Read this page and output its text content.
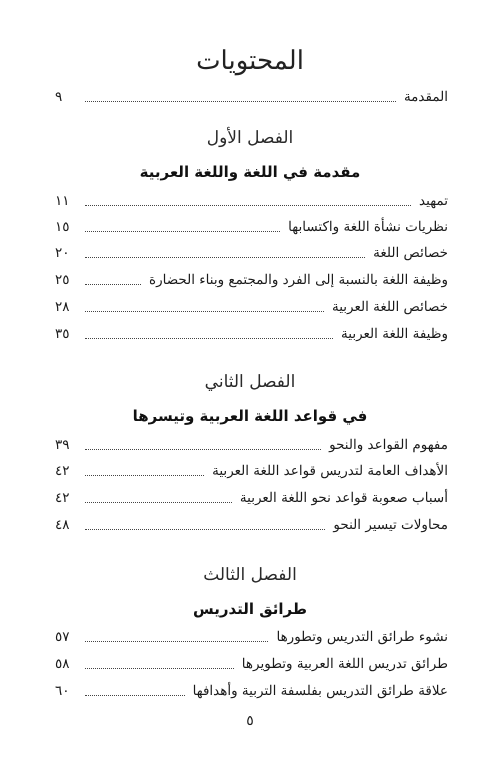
المحتويات
المقدمة
٩
الفصل الأول
مقدمة في اللغة واللغة العربية
تمهيد
١١
نظريات نشأة اللغة واكتسابها
١٥
خصائص اللغة
٢٠
وظيفة اللغة بالنسبة إلى الفرد والمجتمع وبناء الحضارة
٢٥
خصائص اللغة العربية
٢٨
وظيفة اللغة العربية
٣٥
الفصل الثاني
في قواعد اللغة العربية وتيسرها
مفهوم القواعد والنحو
٣٩
الأهداف العامة لتدريس قواعد اللغة العربية
٤٢
أسباب صعوبة قواعد نحو اللغة العربية
٤٢
محاولات تيسير النحو
٤٨
الفصل الثالث
طرائق التدريس
نشوء طرائق التدريس وتطورها
٥٧
طرائق تدريس اللغة العربية وتطويرها
٥٨
علاقة طرائق التدريس بفلسفة التربية وأهدافها
٦٠
٥
